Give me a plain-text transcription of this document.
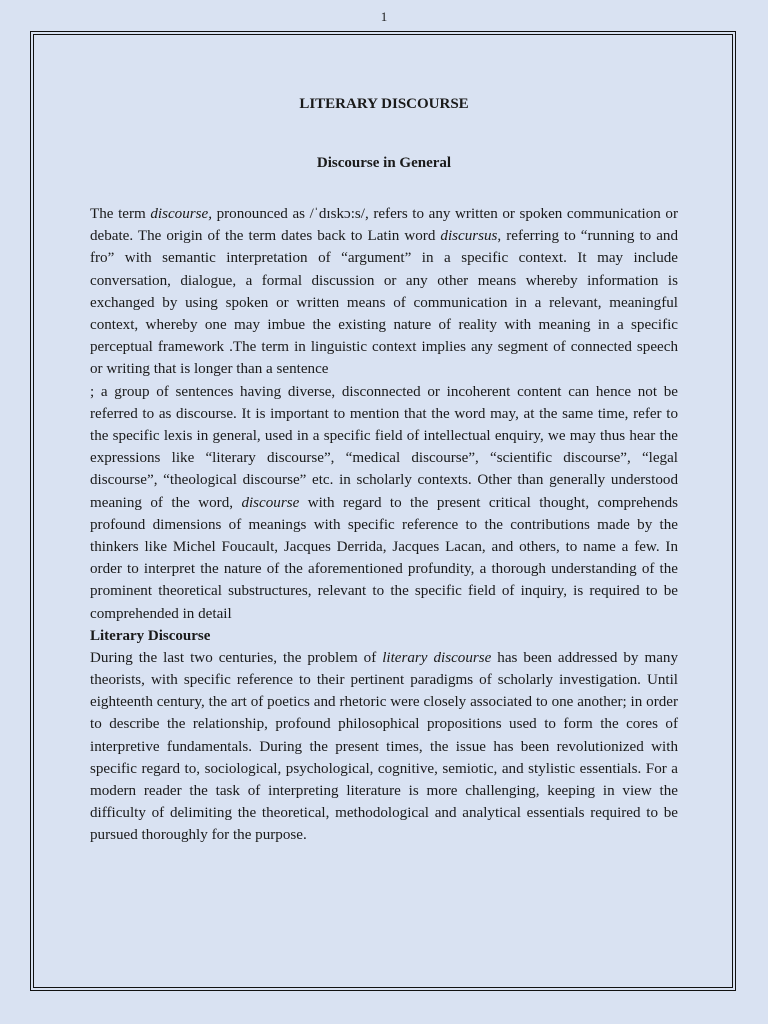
1

LITERARY DISCOURSE

Discourse in General

The term discourse, pronounced as /ˈdɪskɔ:s/, refers to any written or spoken communication or debate. The origin of the term dates back to Latin word discursus, referring to “running to and fro” with semantic interpretation of “argument” in a specific context. It may include conversation, dialogue, a formal discussion or any other means whereby information is exchanged by using spoken or written means of communication in a relevant, meaningful context, whereby one may imbue the existing nature of reality with meaning in a specific perceptual framework .The term in linguistic context implies any segment of connected speech or writing that is longer than a sentence

; a group of sentences having diverse, disconnected or incoherent content can hence not be referred to as discourse. It is important to mention that the word may, at the same time, refer to the specific lexis in general, used in a specific field of intellectual enquiry, we may thus hear the expressions like “literary discourse”, “medical discourse”, “scientific discourse”, “legal discourse”, “theological discourse” etc. in scholarly contexts. Other than generally understood meaning of the word, discourse with regard to the present critical thought, comprehends profound dimensions of meanings with specific reference to the contributions made by the thinkers like Michel Foucault, Jacques Derrida, Jacques Lacan, and others, to name a few. In order to interpret the nature of the aforementioned profundity, a thorough understanding of the prominent theoretical substructures, relevant to the specific field of inquiry, is required to be comprehended in detail

Literary Discourse

During the last two centuries, the problem of literary discourse has been addressed by many theorists, with specific reference to their pertinent paradigms of scholarly investigation. Until eighteenth century, the art of poetics and rhetoric were closely associated to one another; in order to describe the relationship, profound philosophical propositions used to form the cores of interpretive fundamentals. During the present times, the issue has been revolutionized with specific regard to, sociological, psychological, cognitive, semiotic, and stylistic essentials. For a modern reader the task of interpreting literature is more challenging, keeping in view the difficulty of delimiting the theoretical, methodological and analytical essentials required to be pursued thoroughly for the purpose.
